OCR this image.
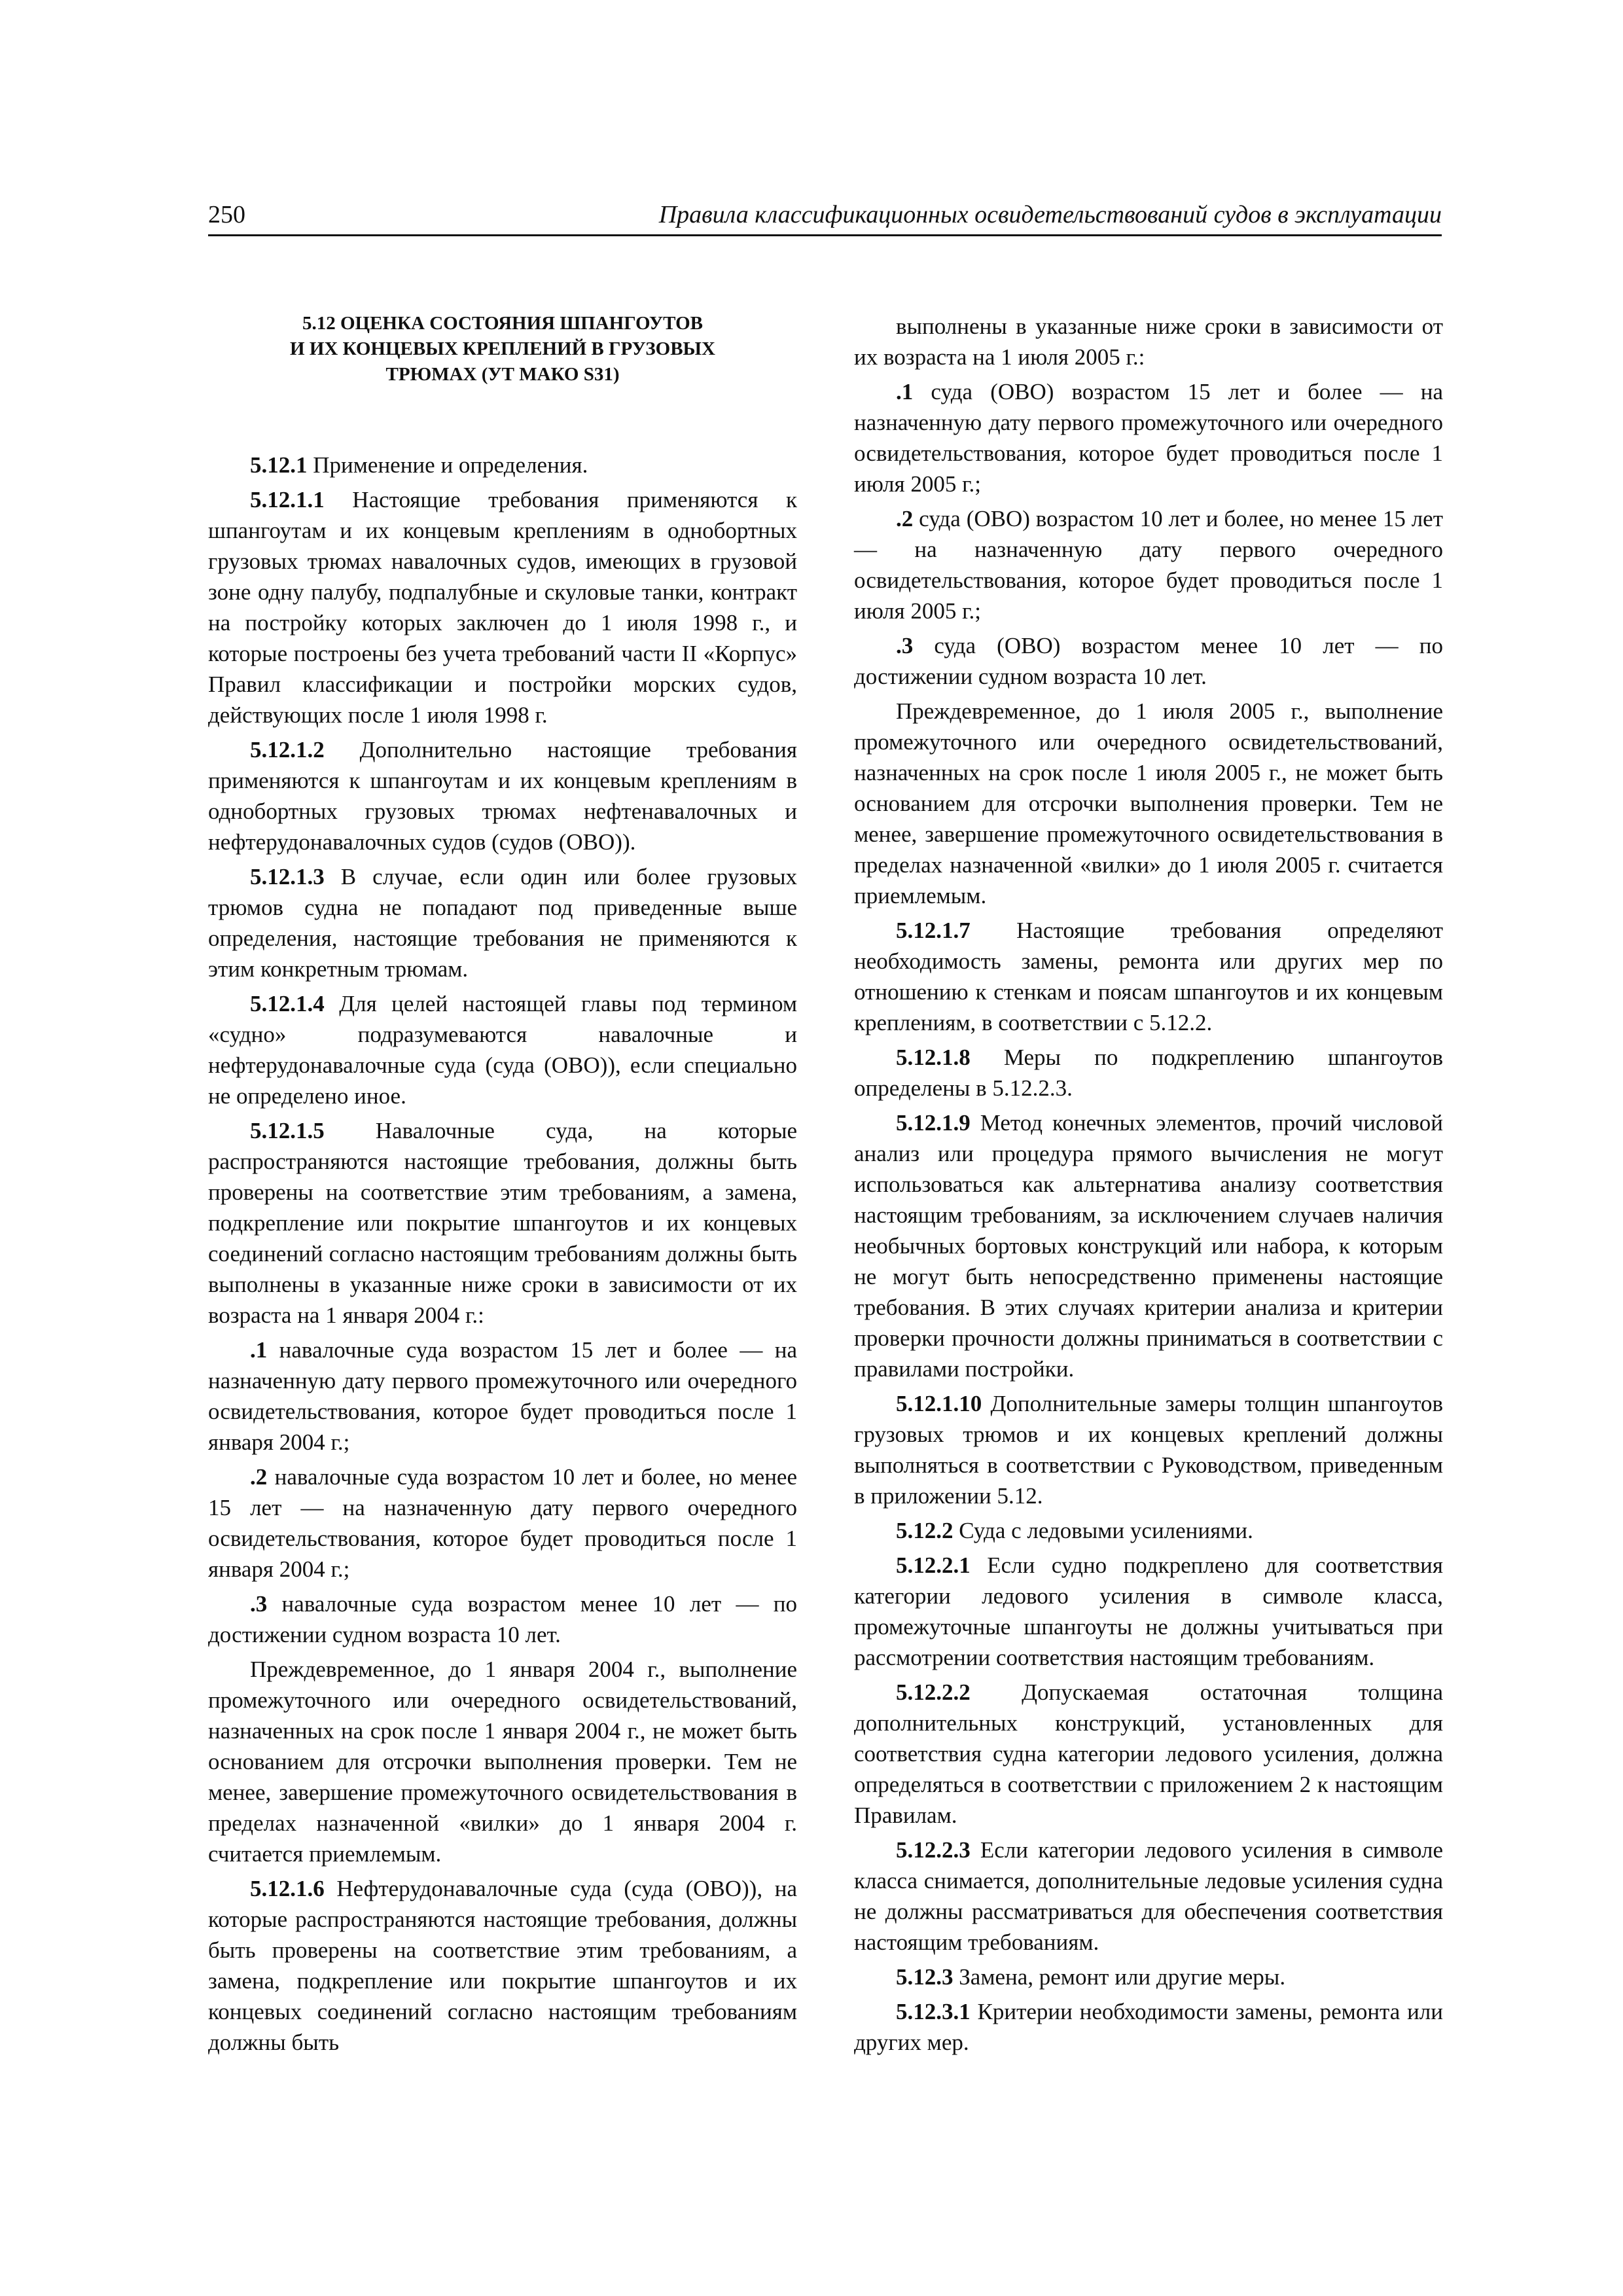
250	Правила классификационных освидетельствований судов в эксплуатации
5.12 ОЦЕНКА СОСТОЯНИЯ ШПАНГОУТОВ
И ИХ КОНЦЕВЫХ КРЕПЛЕНИЙ В ГРУЗОВЫХ
ТРЮМАХ (УТ МАКО S31)

5.12.1 Применение и определения.

5.12.1.1 Настоящие требования применяются к шпангоутам и их концевым креплениям в однобортных грузовых трюмах навалочных судов, имеющих в грузовой зоне одну палубу, подпалубные и скуловые танки, контракт на постройку которых заключен до 1 июля 1998 г., и которые построены без учета требований части II «Корпус» Правил классификации и постройки морских судов, действующих после 1 июля 1998 г.

5.12.1.2 Дополнительно настоящие требования применяются к шпангоутам и их концевым креплениям в однобортных грузовых трюмах нефтенавалочных и нефтерудонавалочных судов (судов (ОВО)).

5.12.1.3 В случае, если один или более грузовых трюмов судна не попадают под приведенные выше определения, настоящие требования не применяются к этим конкретным трюмам.

5.12.1.4 Для целей настоящей главы под термином «судно» подразумеваются навалочные и нефтерудонавалочные суда (суда (ОВО)), если специально не определено иное.

5.12.1.5 Навалочные суда, на которые распространяются настоящие требования, должны быть проверены на соответствие этим требованиям, а замена, подкрепление или покрытие шпангоутов и их концевых соединений согласно настоящим требованиям должны быть выполнены в указанные ниже сроки в зависимости от их возраста на 1 января 2004 г.:

.1 навалочные суда возрастом 15 лет и более — на назначенную дату первого промежуточного или очередного освидетельствования, которое будет проводиться после 1 января 2004 г.;

.2 навалочные суда возрастом 10 лет и более, но менее 15 лет — на назначенную дату первого очередного освидетельствования, которое будет проводиться после 1 января 2004 г.;

.3 навалочные суда возрастом менее 10 лет — по достижении судном возраста 10 лет.

Преждевременное, до 1 января 2004 г., выполнение промежуточного или очередного освидетельствований, назначенных на срок после 1 января 2004 г., не может быть основанием для отсрочки выполнения проверки. Тем не менее, завершение промежуточного освидетельствования в пределах назначенной «вилки» до 1 января 2004 г. считается приемлемым.

5.12.1.6 Нефтерудонавалочные суда (суда (ОВО)), на которые распространяются настоящие требования, должны быть проверены на соответствие этим требованиям, а замена, подкрепление или покрытие шпангоутов и их концевых соединений согласно настоящим требованиям должны быть

выполнены в указанные ниже сроки в зависимости от их возраста на 1 июля 2005 г.:

.1 суда (ОВО) возрастом 15 лет и более — на назначенную дату первого промежуточного или очередного освидетельствования, которое будет проводиться после 1 июля 2005 г.;

.2 суда (ОВО) возрастом 10 лет и более, но менее 15 лет — на назначенную дату первого очередного освидетельствования, которое будет проводиться после 1 июля 2005 г.;

.3 суда (ОВО) возрастом менее 10 лет — по достижении судном возраста 10 лет.

Преждевременное, до 1 июля 2005 г., выполнение промежуточного или очередного освидетельствований, назначенных на срок после 1 июля 2005 г., не может быть основанием для отсрочки выполнения проверки. Тем не менее, завершение промежуточного освидетельствования в пределах назначенной «вилки» до 1 июля 2005 г. считается приемлемым.

5.12.1.7 Настоящие требования определяют необходимость замены, ремонта или других мер по отношению к стенкам и поясам шпангоутов и их концевым креплениям, в соответствии с 5.12.2.

5.12.1.8 Меры по подкреплению шпангоутов определены в 5.12.2.3.

5.12.1.9 Метод конечных элементов, прочий числовой анализ или процедура прямого вычисления не могут использоваться как альтернатива анализу соответствия настоящим требованиям, за исключением случаев наличия необычных бортовых конструкций или набора, к которым не могут быть непосредственно применены настоящие требования. В этих случаях критерии анализа и критерии проверки прочности должны приниматься в соответствии с правилами постройки.

5.12.1.10 Дополнительные замеры толщин шпангоутов грузовых трюмов и их концевых креплений должны выполняться в соответствии с Руководством, приведенным в приложении 5.12.

5.12.2 Суда с ледовыми усилениями.

5.12.2.1 Если судно подкреплено для соответствия категории ледового усиления в символе класса, промежуточные шпангоуты не должны учитываться при рассмотрении соответствия настоящим требованиям.

5.12.2.2 Допускаемая остаточная толщина дополнительных конструкций, установленных для соответствия судна категории ледового усиления, должна определяться в соответствии с приложением 2 к настоящим Правилам.

5.12.2.3 Если категории ледового усиления в символе класса снимается, дополнительные ледовые усиления судна не должны рассматриваться для обеспечения соответствия настоящим требованиям.

5.12.3 Замена, ремонт или другие меры.

5.12.3.1 Критерии необходимости замены, ремонта или других мер.
